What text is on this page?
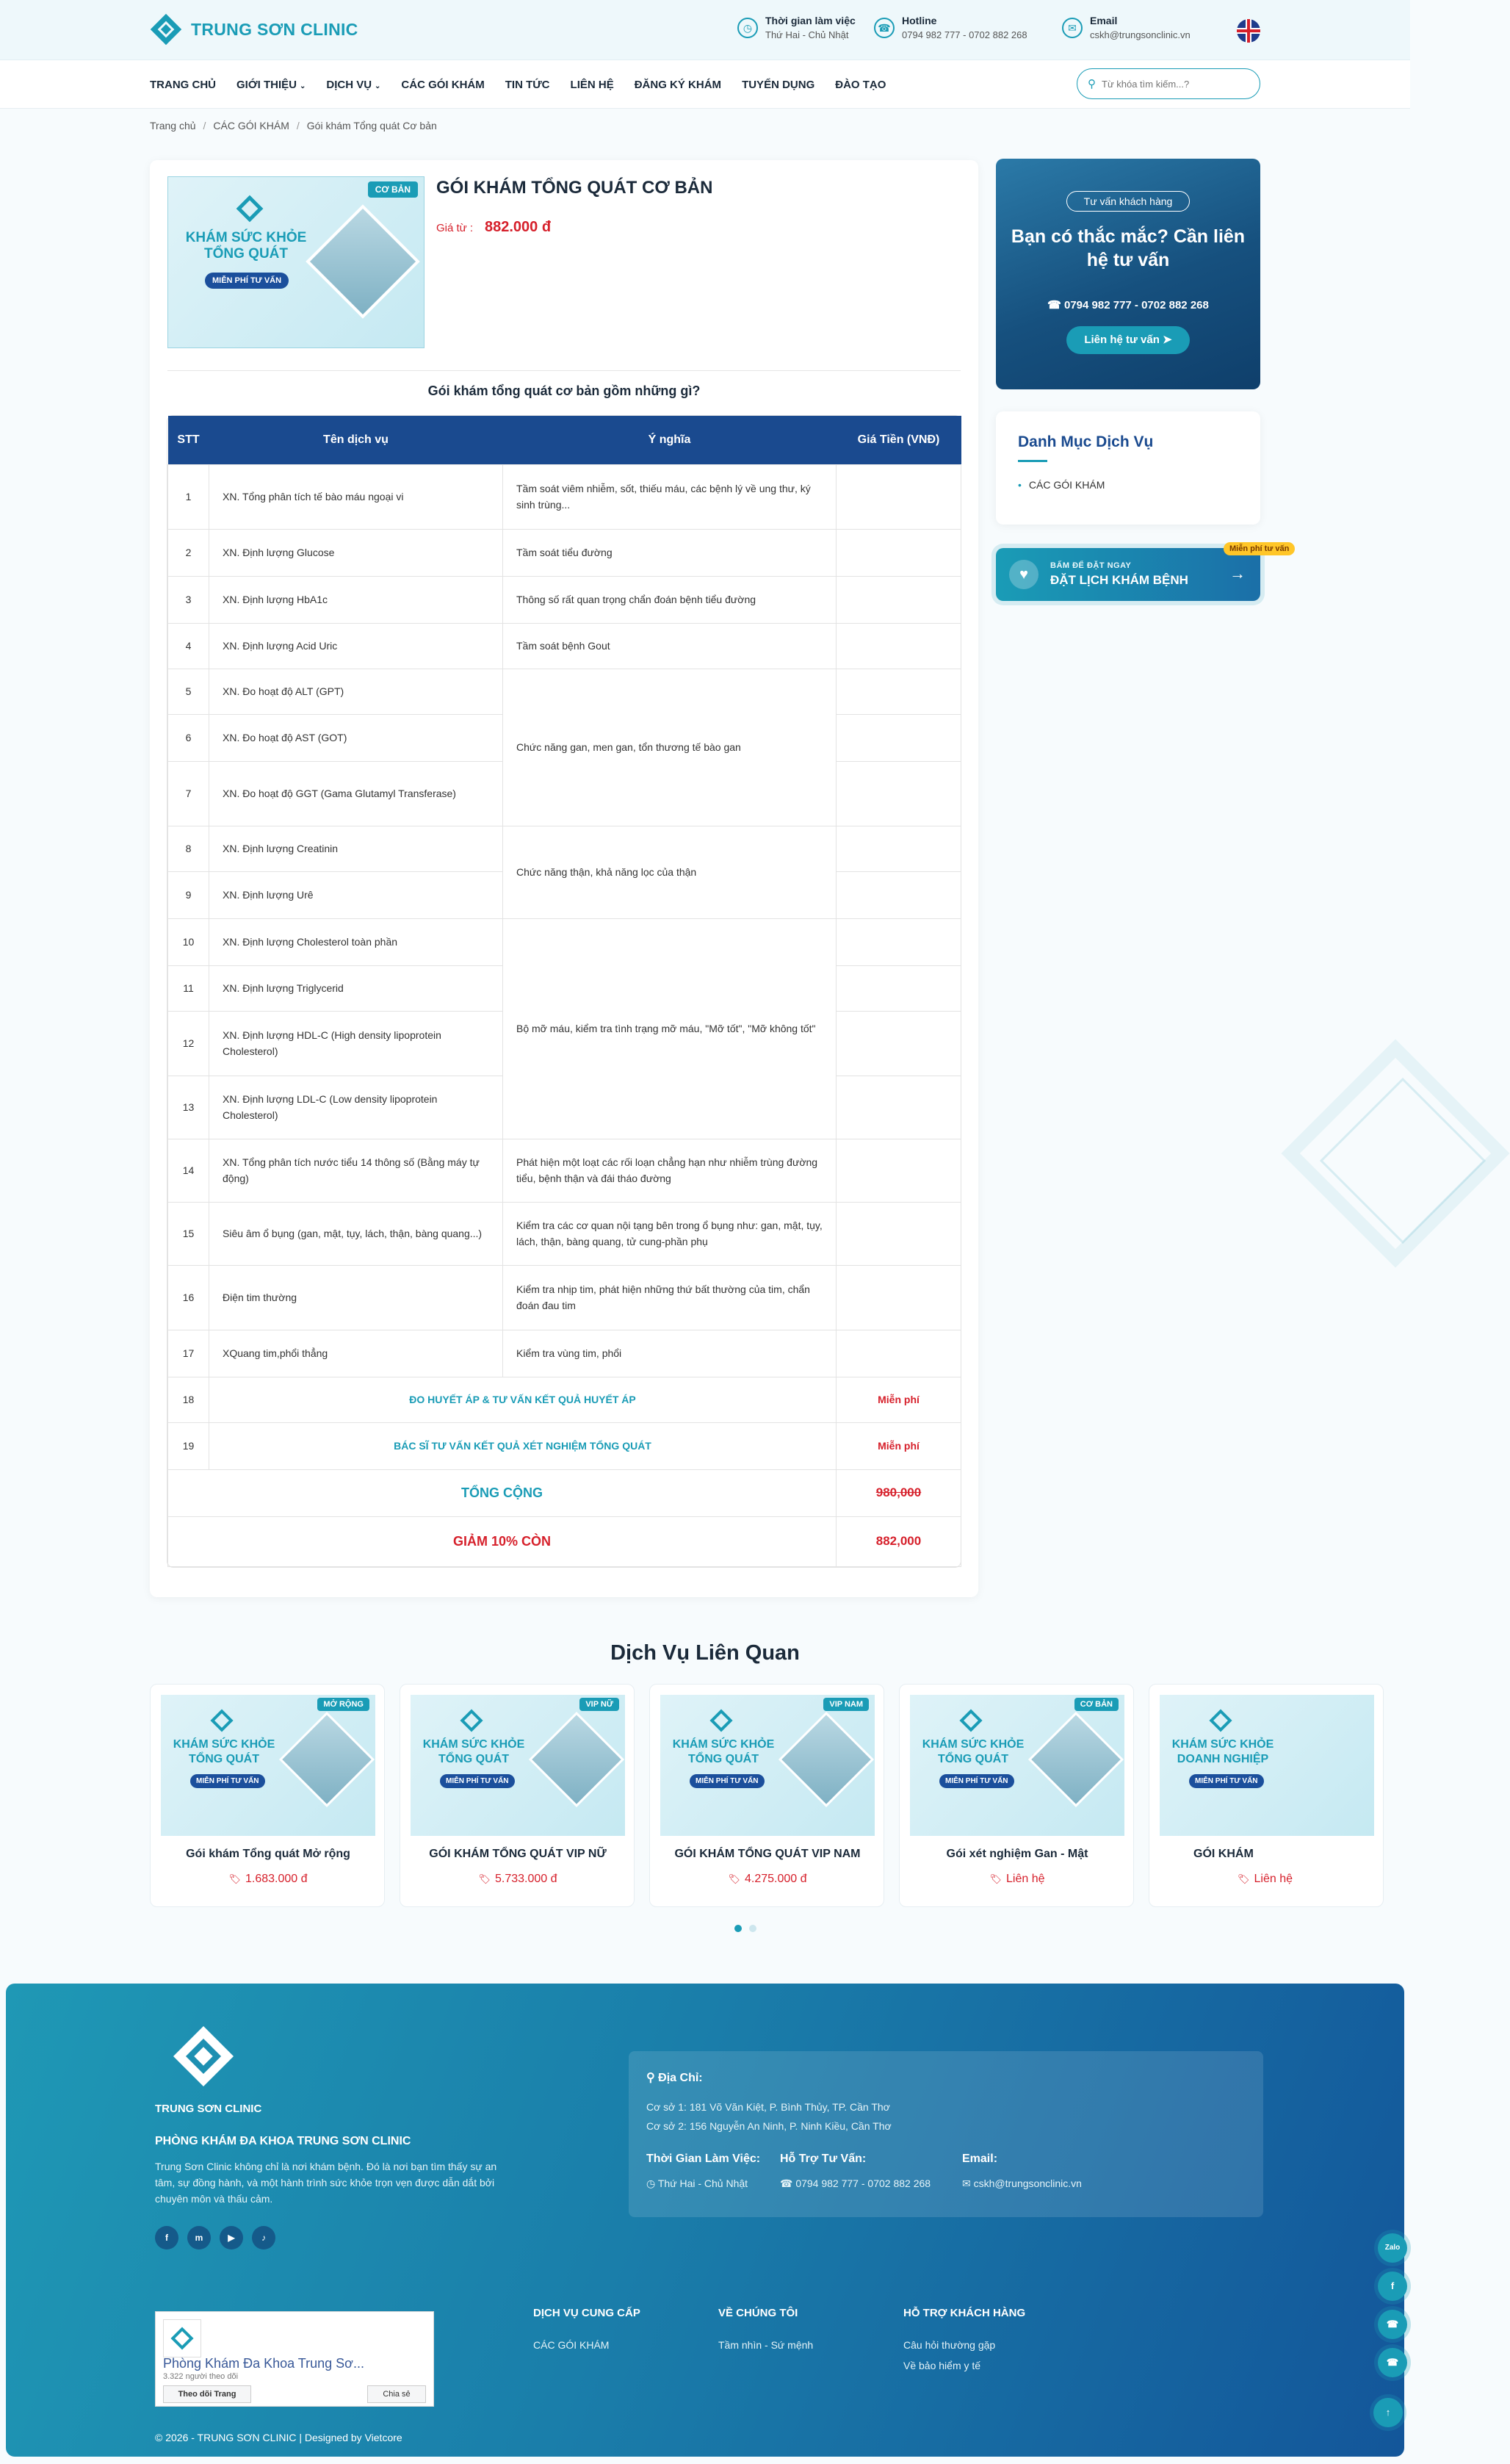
TRUNG SƠN CLINIC	◷
Thời gian làm việc
Thứ Hai - Chủ Nhật
☎
Hotline
0794 982 777 - 0702 882 268
✉
Email
cskh@trungsonclinic.vn
TRANG CHỦ GIỚI THIỆU ⌄ DỊCH VỤ ⌄ CÁC GÓI KHÁM TIN TỨC LIÊN HỆ ĐĂNG KÝ KHÁM TUYỂN DỤNG ĐÀO TẠO	⚲
Từ khóa tìm kiếm...?
Trang chủ / CÁC GÓI KHÁM / Gói khám Tổng quát Cơ bản
CƠ BẢN
KHÁM SỨC KHỎE
TỔNG QUÁT
MIỄN PHÍ TƯ VẤN
GÓI KHÁM TỔNG QUÁT CƠ BẢN
Giá từ : 882.000 đ
Gói khám tổng quát cơ bản gồm những gì?
STT	Tên dịch vụ	Ý nghĩa	Giá Tiền (VNĐ)
1	XN. Tổng phân tích tế bào máu ngoại vi	Tầm soát viêm nhiễm, sốt, thiếu máu, các bệnh lý về ung thư, ký sinh trùng...	
2	XN. Định lượng Glucose	Tầm soát tiểu đường	
3	XN. Định lượng HbA1c	Thông số rất quan trọng chẩn đoán bệnh tiểu đường	
4	XN. Định lượng Acid Uric	Tầm soát bệnh Gout	
5	XN. Đo hoạt độ ALT (GPT)	Chức năng gan, men gan, tổn thương tế bào gan	
6	XN. Đo hoạt độ AST (GOT)		
7	XN. Đo hoạt độ GGT (Gama Glutamyl Transferase)		
8	XN. Định lượng Creatinin	Chức năng thận, khả năng lọc của thận	
9	XN. Định lượng Urê		
10	XN. Định lượng Cholesterol toàn phần	Bộ mỡ máu, kiểm tra tình trạng mỡ máu, "Mỡ tốt", "Mỡ không tốt"	
11	XN. Định lượng Triglycerid		
12	XN. Định lượng HDL-C (High density lipoprotein Cholesterol)		
13	XN. Định lượng LDL-C (Low density lipoprotein Cholesterol)		
14	XN. Tổng phân tích nước tiểu 14 thông số (Bằng máy tự động)	Phát hiện một loạt các rối loạn chẳng hạn như nhiễm trùng đường tiểu, bệnh thận và đái tháo đường	
15	Siêu âm ổ bụng (gan, mật, tụy, lách, thận, bàng quang...)	Kiểm tra các cơ quan nội tạng bên trong ổ bụng như: gan, mật, tụy, lách, thận, bàng quang, tử cung-phần phụ	
16	Điện tim thường	Kiểm tra nhịp tim, phát hiện những thứ bất thường của tim, chẩn đoán đau tim	
17	XQuang tim,phổi thẳng	Kiểm tra vùng tim, phổi	
18	ĐO HUYẾT ÁP & TƯ VẤN KẾT QUẢ HUYẾT ÁP		Miễn phí
19	BÁC SĨ TƯ VẤN KẾT QUẢ XÉT NGHIỆM TỔNG QUÁT		Miễn phí
TỔNG CỘNG			980,000
GIẢM 10% CÒN			882,000
Tư vấn khách hàng
Bạn có thắc mắc? Cần liên hệ tư vấn
☎ 0794 982 777 - 0702 882 268
Liên hệ tư vấn ➤
Danh Mục Dịch Vụ
• CÁC GÓI KHÁM
♥
BẤM ĐỂ ĐẶT NGAY
ĐẶT LỊCH KHÁM BỆNH	→
Miễn phí tư vấn
Dịch Vụ Liên Quan
MỞ RỘNG
KHÁM SỨC KHỎE
TỔNG QUÁT
MIỄN PHÍ TƯ VẤN
Gói khám Tổng quát Mở rộng
🏷 1.683.000 đ
VIP NỮ
KHÁM SỨC KHỎE
TỔNG QUÁT
MIỄN PHÍ TƯ VẤN
GÓI KHÁM TỔNG QUÁT VIP NỮ
🏷 5.733.000 đ
VIP NAM
KHÁM SỨC KHỎE
TỔNG QUÁT
MIỄN PHÍ TƯ VẤN
GÓI KHÁM TỔNG QUÁT VIP NAM
🏷 4.275.000 đ
CƠ BẢN
KHÁM SỨC KHỎE
TỔNG QUÁT
MIỄN PHÍ TƯ VẤN
Gói xét nghiệm Gan - Mật
🏷 Liên hệ
KHÁM SỨC KHỎE
DOANH NGHIỆP
MIỄN PHÍ TƯ VẤN
GÓI KHÁM
🏷 Liên hệ
TRUNG SƠN CLINIC
PHÒNG KHÁM ĐA KHOA TRUNG SƠN CLINIC
Trung Sơn Clinic không chỉ là nơi khám bệnh. Đó là nơi bạn tìm thấy sự an tâm, sự đồng hành, và một hành trình sức khỏe trọn vẹn được dẫn dắt bởi chuyên môn và thấu cảm.
f	m	▶	♪
⚲ Địa Chỉ:
Cơ sở 1: 181 Võ Văn Kiệt, P. Bình Thủy, TP. Cần Thơ
Cơ sở 2: 156 Nguyễn An Ninh, P. Ninh Kiều, Cần Thơ
Thời Gian Làm Việc:
◷ Thứ Hai - Chủ Nhật
Hỗ Trợ Tư Vấn:
☎ 0794 982 777 - 0702 882 268
Email:
✉ cskh@trungsonclinic.vn
Phòng Khám Đa Khoa Trung Sơ...
3.322 người theo dõi
Theo dõi Trang	Chia sẻ
DỊCH VỤ CUNG CẤP
CÁC GÓI KHÁM
VỀ CHÚNG TÔI
Tầm nhìn - Sứ mệnh
HỖ TRỢ KHÁCH HÀNG
Câu hỏi thường gặp
Về bảo hiểm y tế
© 2026 - TRUNG SƠN CLINIC | Designed by Vietcore
Zalo
f
☎
☎
↑
